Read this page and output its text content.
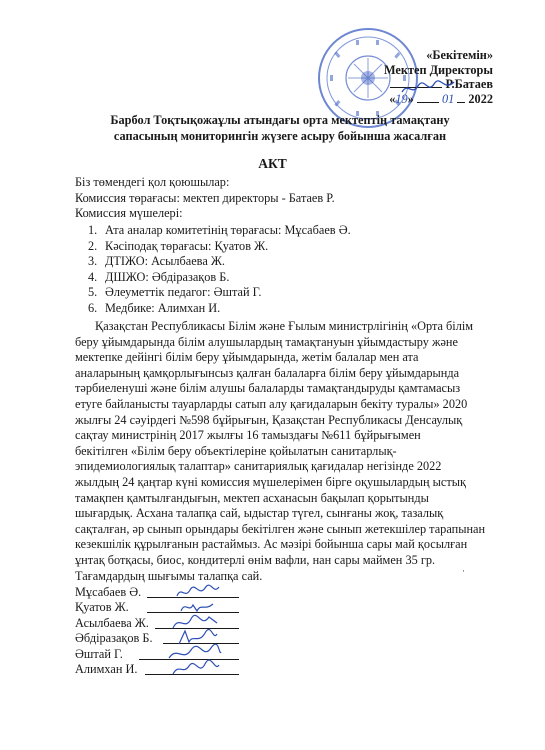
«Бекітемін»
Мектеп Директоры
Р.Батаев
«19» 01 2022
Барбол Тоқтықожаұлы атындағы орта мектептің тамақтану
сапасының мониторингін жүзеге асыру бойынша жасалған
АКТ
Біз төмендегі қол қоюшылар:
Комиссия төрағасы: мектеп директоры - Батаев Р.
Комиссия мүшелері:
1. Ата аналар комитетінің төрағасы: Мұсабаев Ә.
2. Кәсіподақ төрағасы: Қуатов Ж.
3. ДТІЖО: Асылбаева Ж.
4. ДШЖО: Әбдіразақов Б.
5. Әлеуметтік педагог: Әштай Г.
6. Медбике: Алимхан И.
Қазақстан Республикасы Білім және Ғылым министрлігінің «Орта білім
беру ұйымдарында білім алушылардың тамақтануын ұйымдастыру және
мектепке дейінгі білім беру ұйымдарында, жетім балалар мен ата
аналарының қамқорлығынсыз қалған балаларға білім беру ұйымдарында
тәрбиеленуші және білім алушы балаларды тамақтандыруды қамтамасыз
етуге байланысты тауарларды сатып алу қағидаларын бекіту туралы» 2020
жылғы 24 сәуірдегі №598 бұйрығын, Қазақстан Республикасы Денсаулық
сақтау министрінің 2017 жылғы 16 тамыздағы №611 бұйрығымен
бекітілген «Білім беру объектілеріне қойылатын санитарлық-
эпидемиологиялық талаптар» санитариялық қағидалар негізінде 2022
жылдың 24 қаңтар күні комиссия мүшелерімен бірге оқушылардың ыстық
тамақпен қамтылғандығын, мектеп асханасын бақылап қорытынды
шығардық. Асхана талапқа сай, ыдыстар түгел, сынғаны жоқ, тазалық
сақталған, әр сынып орындары бекітілген және сынып жетекшілер тарапынан
кезекшілік құрылғанын растаймыз. Ас мәзірі бойынша сары май қосылған
ұнтақ ботқасы, биос, кондитерлі өнім вафли, нан сары маймен 35 гр.
Тағамдардың шығымы талапқа сай.	·
Мұсабаев Ә.
Қуатов Ж.
Асылбаева Ж.
Әбдіразақов Б.
Әштай Г.
Алимхан И.
